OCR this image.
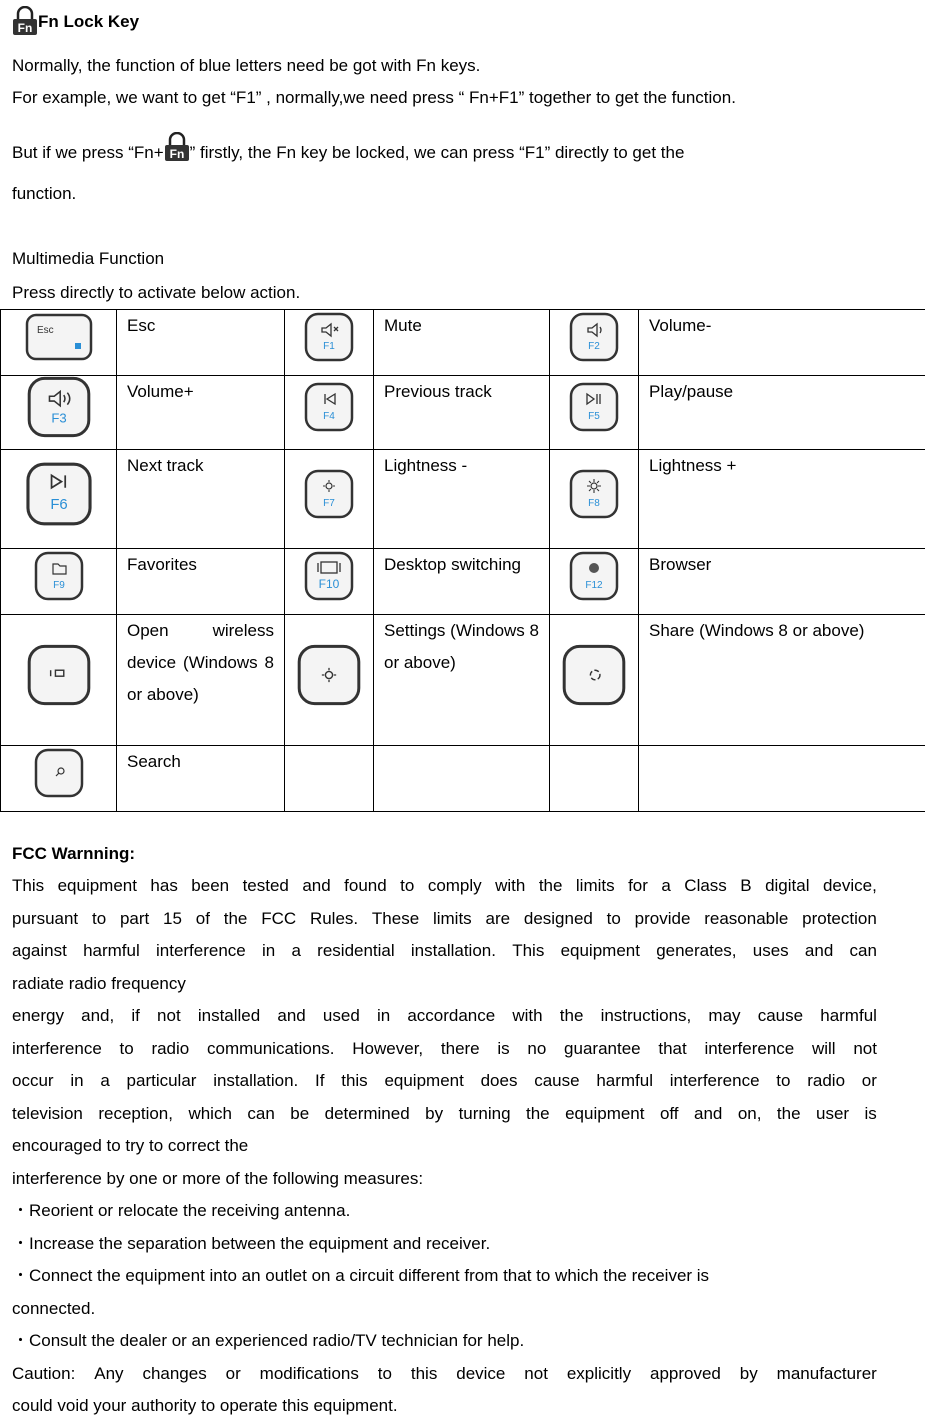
Fn Fn Lock Key
Normally, the function of blue letters need be got with Fn keys.
For example, we want to get “F1” , normally,we need press “ Fn+F1” together to get the function.
But if we press “Fn+ Fn ” firstly, the Fn key be locked, we can press “F1” directly to get the
function.
Multimedia Function
Press directly to activate below action.
Esc	Esc	F1	Mute	F2	Volume-

F3	Volume+	F4	Previous track	F5	Play/pause

F6	Next track	F7	Lightness -	F8	Lightness +

F9	Favorites	F10	Desktop switching	F12	Browser

Open wireless device (Windows 8 or above)		Settings (Windows 8 or above)		Share (Windows 8 or above)
	Search				
FCC Warnning:
This equipment has been tested and found to comply with the limits for a Class B digital device,
pursuant to part 15 of the FCC Rules. These limits are designed to provide reasonable protection
against harmful interference in a residential installation. This equipment generates, uses and can
radiate radio frequency
energy and, if not installed and used in accordance with the instructions, may cause harmful
interference to radio communications. However, there is no guarantee that interference will not
occur in a particular installation. If this equipment does cause harmful interference to radio or
television reception, which can be determined by turning the equipment off and on, the user is
encouraged to try to correct the
interference by one or more of the following measures:
・Reorient or relocate the receiving antenna.
・Increase the separation between the equipment and receiver.
・Connect the equipment into an outlet on a circuit different from that to which the receiver is
connected.
・Consult the dealer or an experienced radio/TV technician for help.
Caution: Any changes or modifications to this device not explicitly approved by manufacturer
could void your authority to operate this equipment.
